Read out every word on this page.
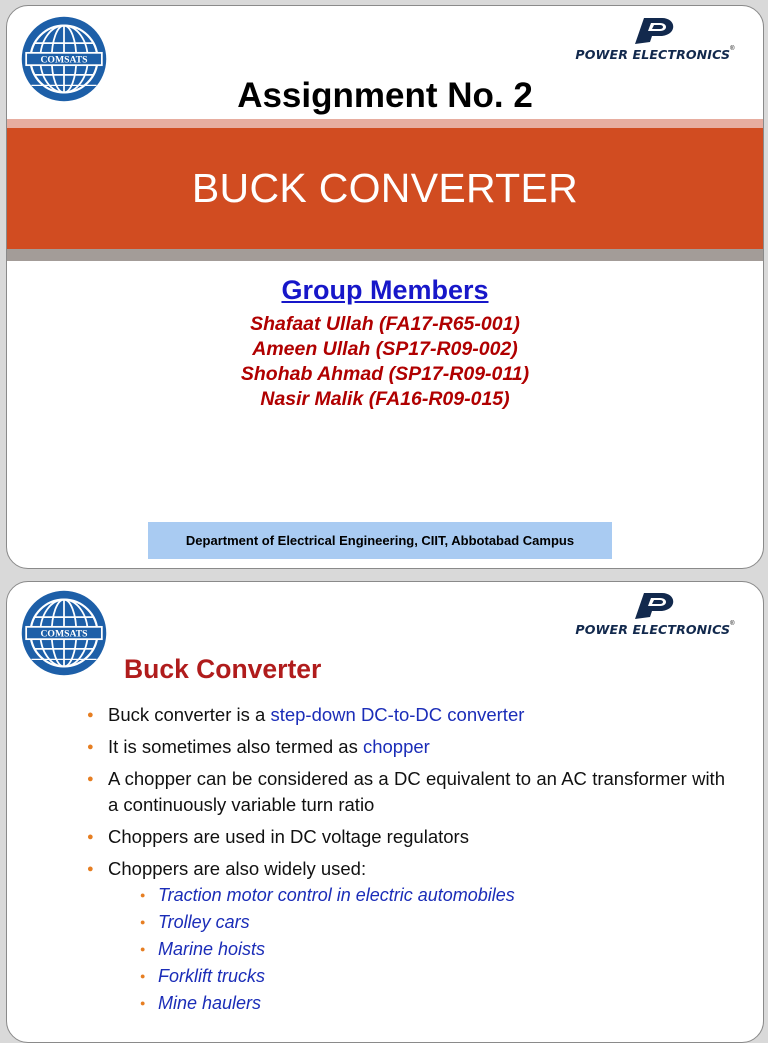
COMSATS	POWER ELECTRONICS®
Assignment No. 2
BUCK CONVERTER
Group Members
Shafaat Ullah (FA17-R65-001)
Ameen Ullah (SP17-R09-002)
Shohab Ahmad (SP17-R09-011)
Nasir Malik (FA16-R09-015)
Department of Electrical Engineering, CIIT, Abbotabad Campus
COMSATS	POWER ELECTRONICS®
Buck Converter
● Buck converter is a step-down DC-to-DC converter
● It is sometimes also termed as chopper
● A chopper can be considered as a DC equivalent to an AC transformer with a continuously variable turn ratio
● Choppers are used in DC voltage regulators
● Choppers are also widely used:
● Traction motor control in electric automobiles
● Trolley cars
● Marine hoists
● Forklift trucks
● Mine haulers
